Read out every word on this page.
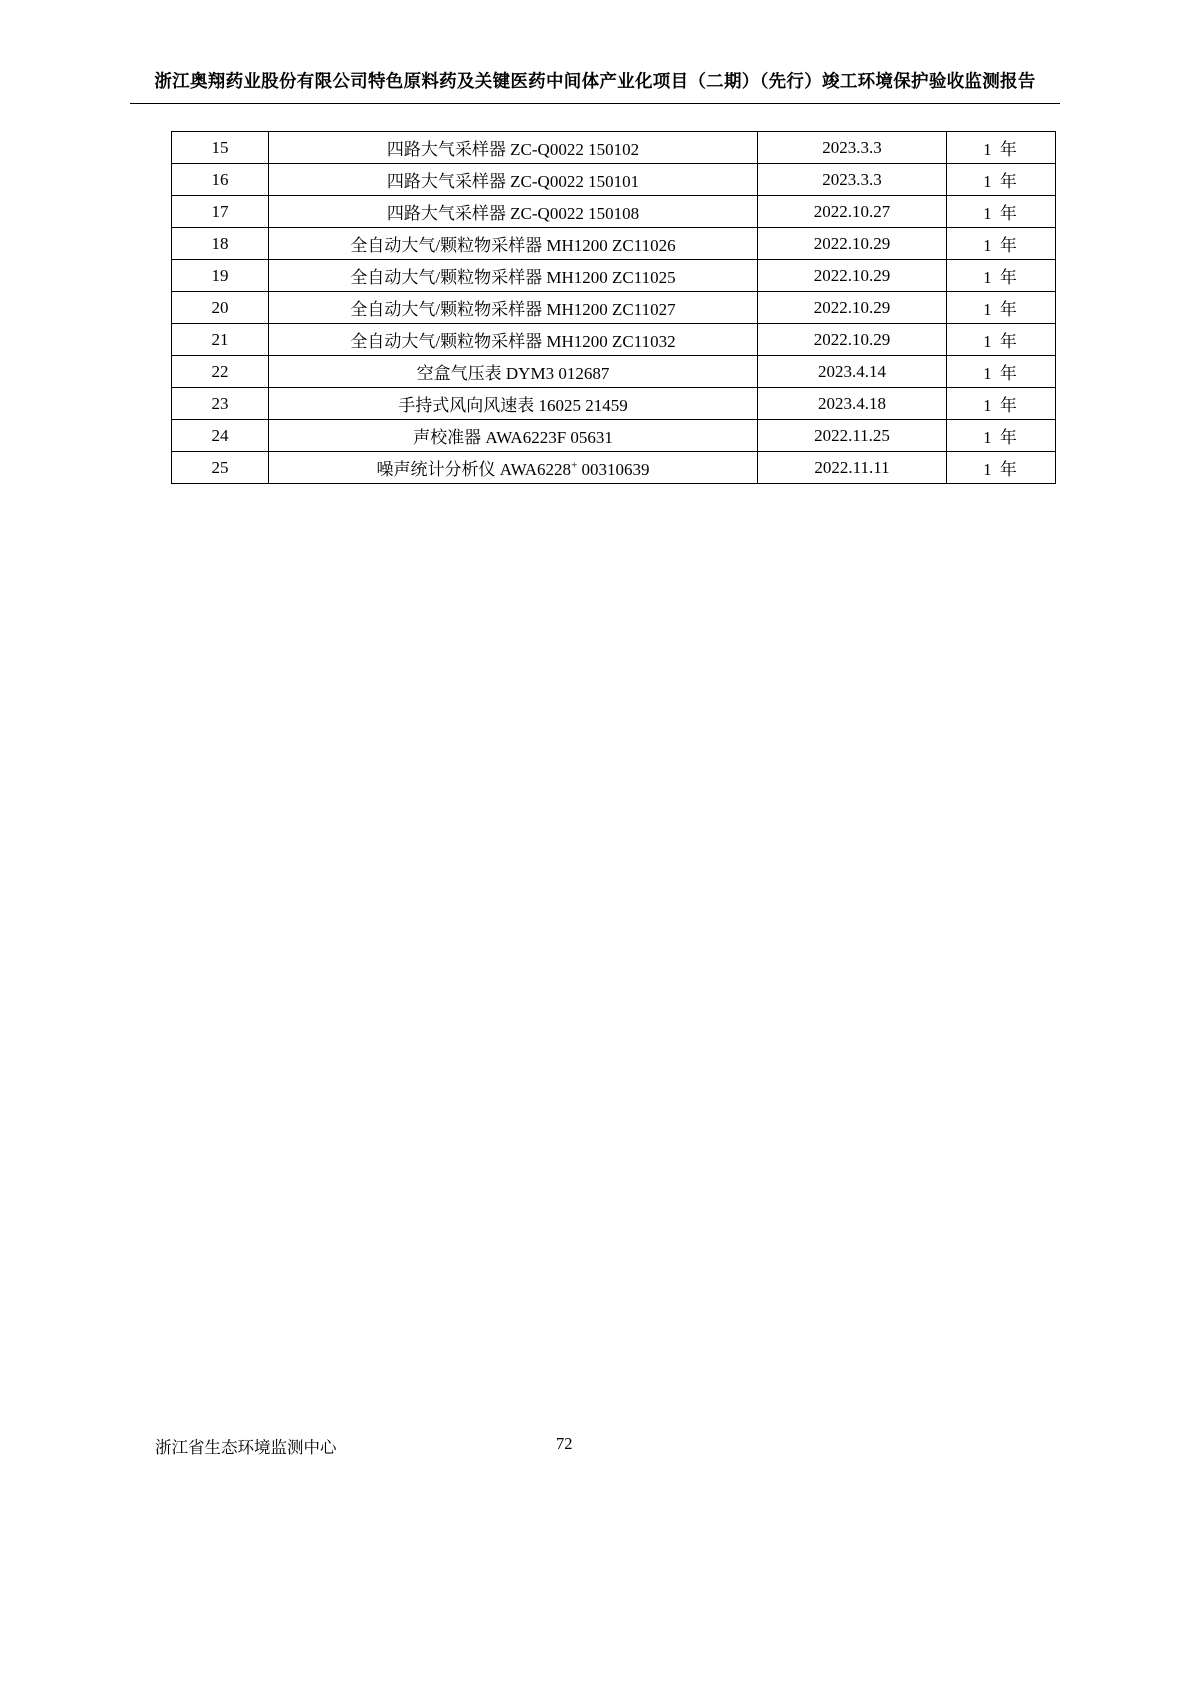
浙江奥翔药业股份有限公司特色原料药及关键医药中间体产业化项目（二期）（先行）竣工环境保护验收监测报告
15	四路大气采样器 ZC-Q0022 150102	2023.3.3	1 年
16	四路大气采样器 ZC-Q0022 150101	2023.3.3	1 年
17	四路大气采样器 ZC-Q0022 150108	2022.10.27	1 年
18	全自动大气/颗粒物采样器 MH1200 ZC11026	2022.10.29	1 年
19	全自动大气/颗粒物采样器 MH1200 ZC11025	2022.10.29	1 年
20	全自动大气/颗粒物采样器 MH1200 ZC11027	2022.10.29	1 年
21	全自动大气/颗粒物采样器 MH1200 ZC11032	2022.10.29	1 年
22	空盒气压表 DYM3 012687	2023.4.14	1 年
23	手持式风向风速表 16025 21459	2023.4.18	1 年
24	声校准器 AWA6223F 05631	2022.11.25	1 年
25	噪声统计分析仪 AWA6228+ 00310639	2022.11.11	1 年
浙江省生态环境监测中心	72
